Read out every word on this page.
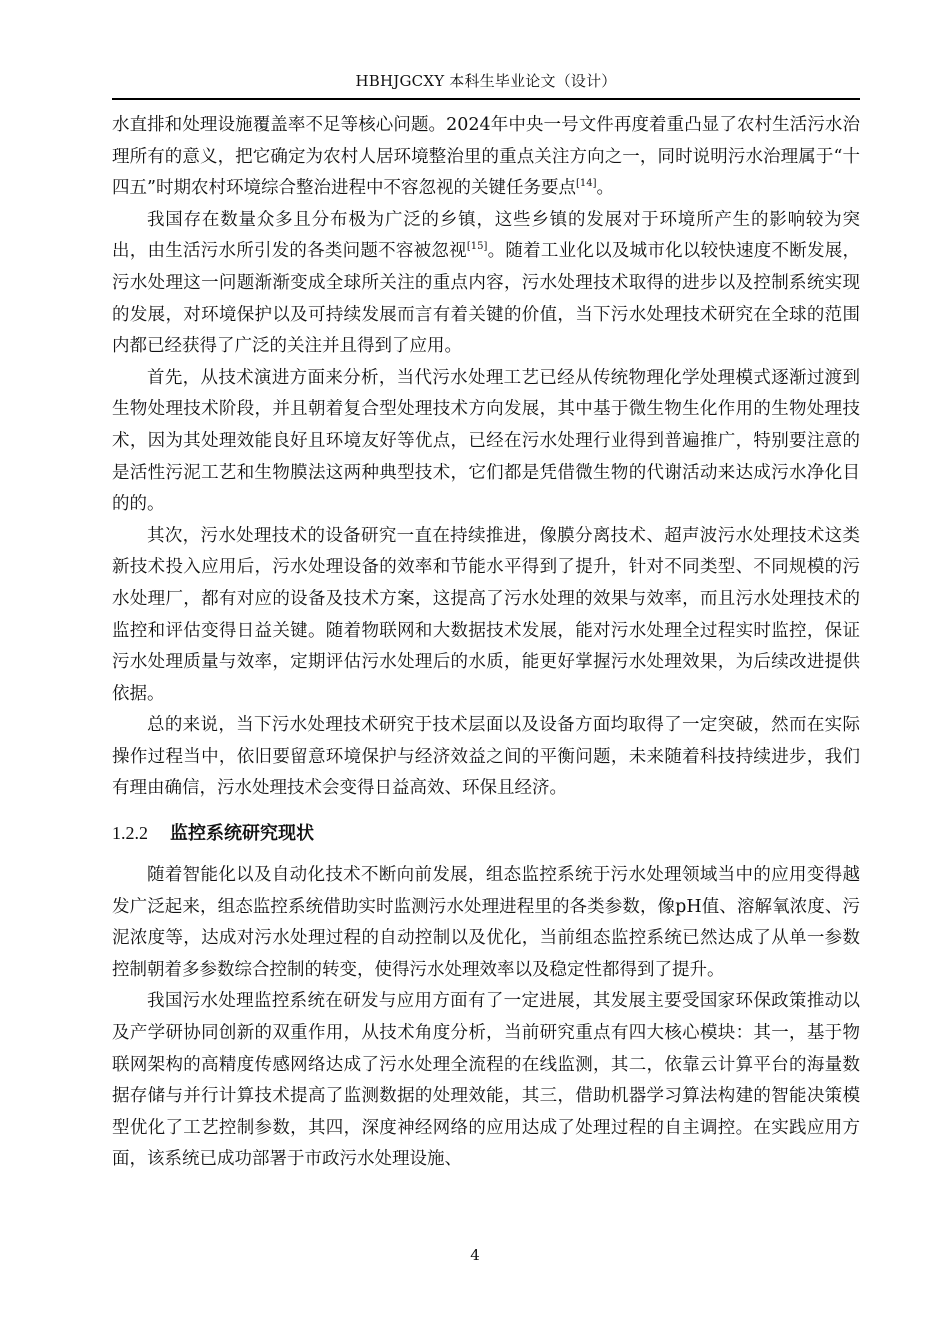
HBHJGCXY 本科生毕业论文（设计）

水直排和处理设施覆盖率不足等核心问题。2024年中央一号文件再度着重凸显了农村生活污水治理所有的意义，把它确定为农村人居环境整治里的重点关注方向之一，同时说明污水治理属于“十四五”时期农村环境综合整治进程中不容忽视的关键任务要点[14]。

我国存在数量众多且分布极为广泛的乡镇，这些乡镇的发展对于环境所产生的影响较为突出，由生活污水所引发的各类问题不容被忽视[15]。随着工业化以及城市化以较快速度不断发展，污水处理这一问题渐渐变成全球所关注的重点内容，污水处理技术取得的进步以及控制系统实现的发展，对环境保护以及可持续发展而言有着关键的价值，当下污水处理技术研究在全球的范围内都已经获得了广泛的关注并且得到了应用。

首先，从技术演进方面来分析，当代污水处理工艺已经从传统物理化学处理模式逐渐过渡到生物处理技术阶段，并且朝着复合型处理技术方向发展，其中基于微生物生化作用的生物处理技术，因为其处理效能良好且环境友好等优点，已经在污水处理行业得到普遍推广，特别要注意的是活性污泥工艺和生物膜法这两种典型技术，它们都是凭借微生物的代谢活动来达成污水净化目的的。

其次，污水处理技术的设备研究一直在持续推进，像膜分离技术、超声波污水处理技术这类新技术投入应用后，污水处理设备的效率和节能水平得到了提升，针对不同类型、不同规模的污水处理厂，都有对应的设备及技术方案，这提高了污水处理的效果与效率，而且污水处理技术的监控和评估变得日益关键。随着物联网和大数据技术发展，能对污水处理全过程实时监控，保证污水处理质量与效率，定期评估污水处理后的水质，能更好掌握污水处理效果，为后续改进提供依据。

总的来说，当下污水处理技术研究于技术层面以及设备方面均取得了一定突破，然而在实际操作过程当中，依旧要留意环境保护与经济效益之间的平衡问题，未来随着科技持续进步，我们有理由确信，污水处理技术会变得日益高效、环保且经济。

1.2.2 监控系统研究现状

随着智能化以及自动化技术不断向前发展，组态监控系统于污水处理领域当中的应用变得越发广泛起来，组态监控系统借助实时监测污水处理进程里的各类参数，像pH值、溶解氧浓度、污泥浓度等，达成对污水处理过程的自动控制以及优化，当前组态监控系统已然达成了从单一参数控制朝着多参数综合控制的转变，使得污水处理效率以及稳定性都得到了提升。

我国污水处理监控系统在研发与应用方面有了一定进展，其发展主要受国家环保政策推动以及产学研协同创新的双重作用，从技术角度分析，当前研究重点有四大核心模块：其一，基于物联网架构的高精度传感网络达成了污水处理全流程的在线监测，其二，依靠云计算平台的海量数据存储与并行计算技术提高了监测数据的处理效能，其三，借助机器学习算法构建的智能决策模型优化了工艺控制参数，其四，深度神经网络的应用达成了处理过程的自主调控。在实践应用方面，该系统已成功部署于市政污水处理设施、

4
